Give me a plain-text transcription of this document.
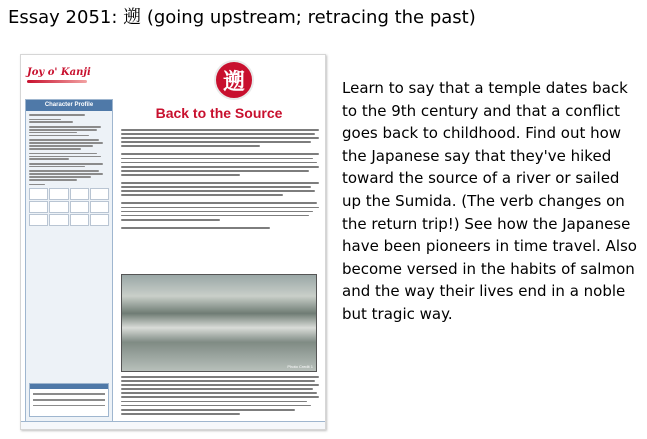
Essay 2051: 遡 (going upstream; retracing the past)
Joy o' Kanji	遡
Character Profile	Back to the Source
Photo Credit 1
Learn to say that a temple dates back to the 9th century and that a conflict goes back to childhood. Find out how the Japanese say that they've hiked toward the source of a river or sailed up the Sumida. (The verb changes on the return trip!) See how the Japanese have been pioneers in time travel. Also become versed in the habits of salmon and the way their lives end in a noble but tragic way.
